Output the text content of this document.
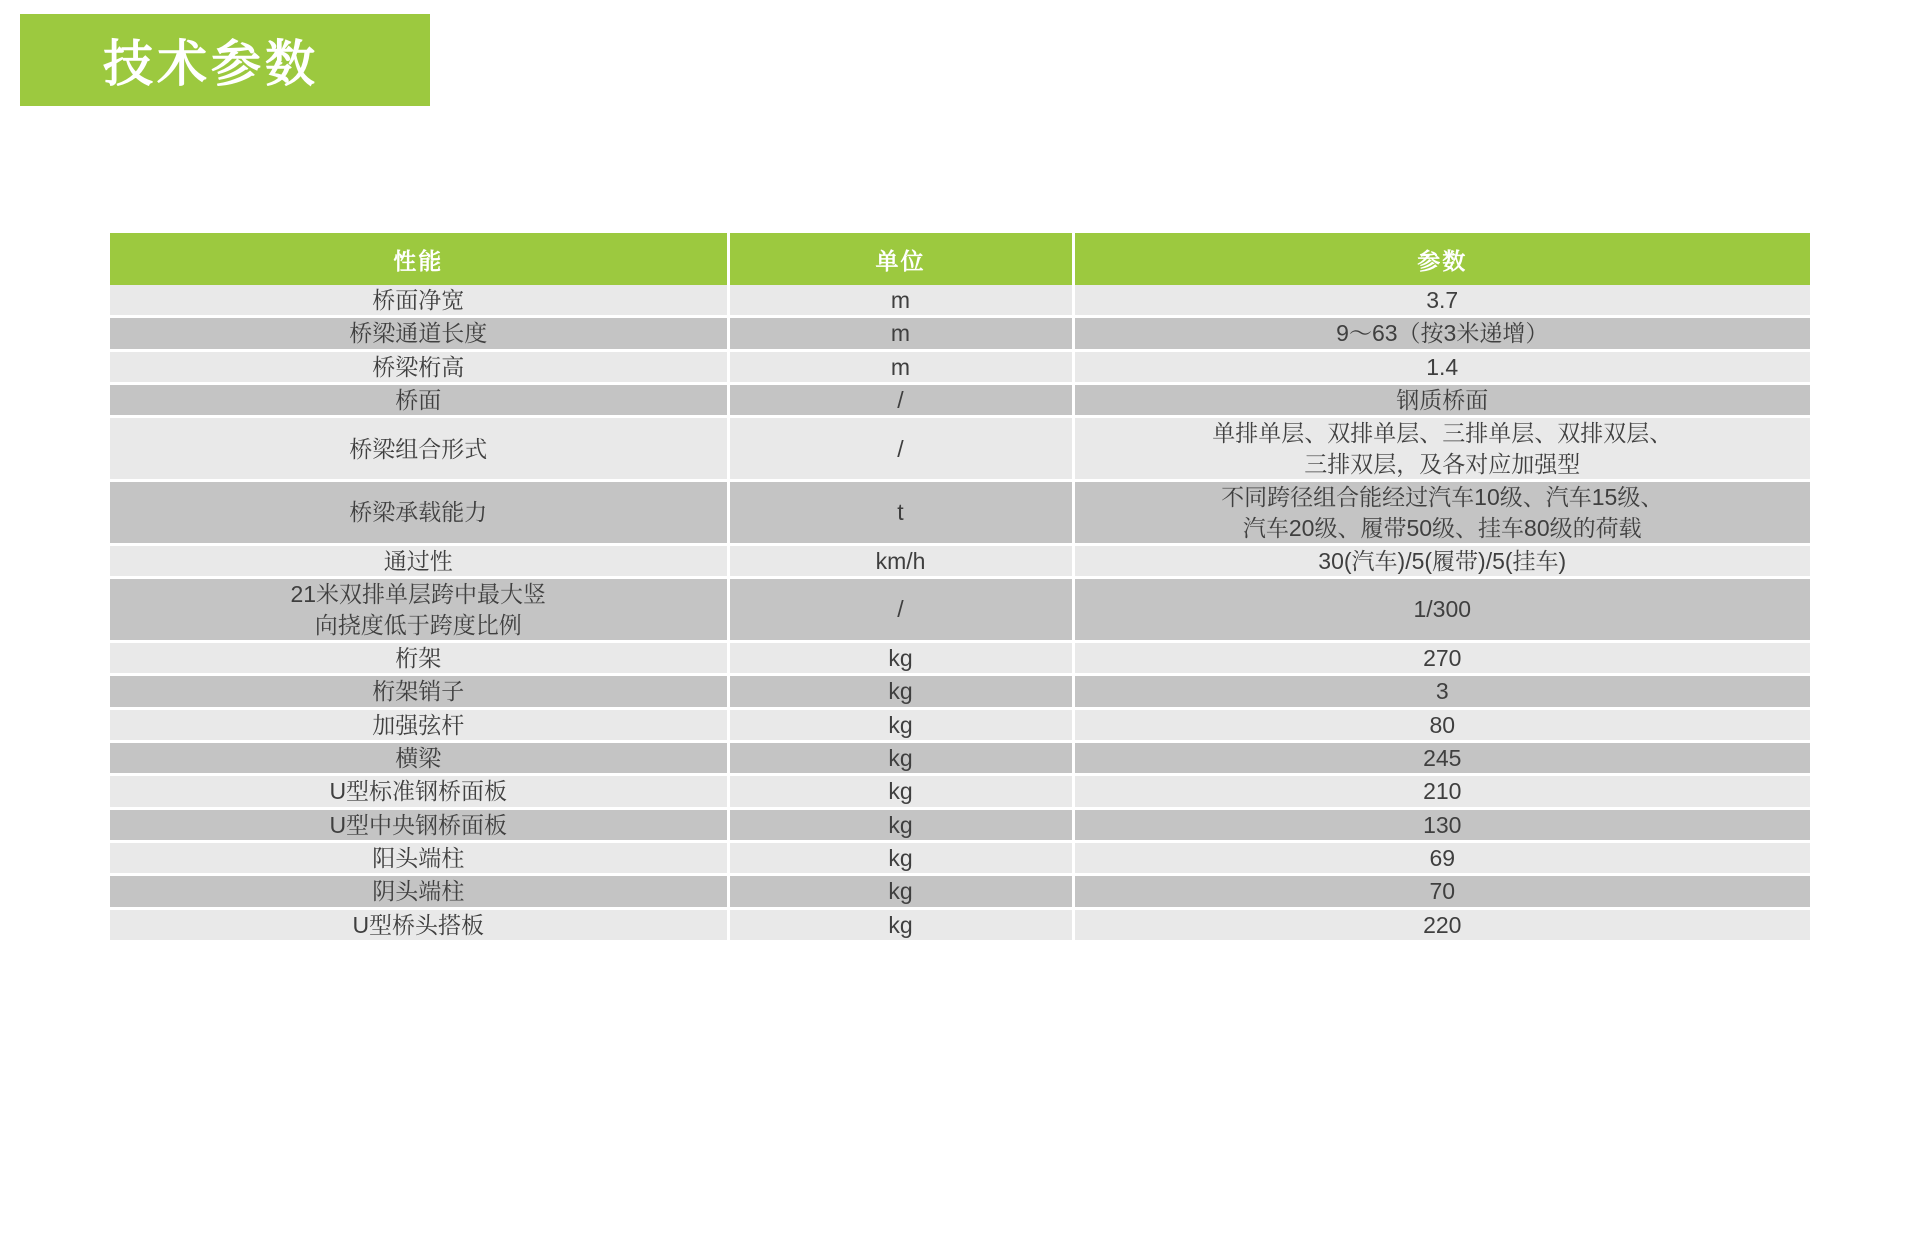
技术参数
性能	单位	参数
桥面净宽	m	3.7
桥梁通道长度	m	9～63（按3米递增）
桥梁桁高	m	1.4
桥面	/	钢质桥面
桥梁组合形式	/	单排单层、双排单层、三排单层、双排双层、
三排双层，及各对应加强型
桥梁承载能力	t	不同跨径组合能经过汽车10级、汽车15级、
汽车20级、履带50级、挂车80级的荷载
通过性	km/h	30(汽车)/5(履带)/5(挂车)
21米双排单层跨中最大竖
向挠度低于跨度比例	/	1/300
桁架	kg	270
桁架销子	kg	3
加强弦杆	kg	80
横梁	kg	245
U型标准钢桥面板	kg	210
U型中央钢桥面板	kg	130
阳头端柱	kg	69
阴头端柱	kg	70
U型桥头搭板	kg	220
